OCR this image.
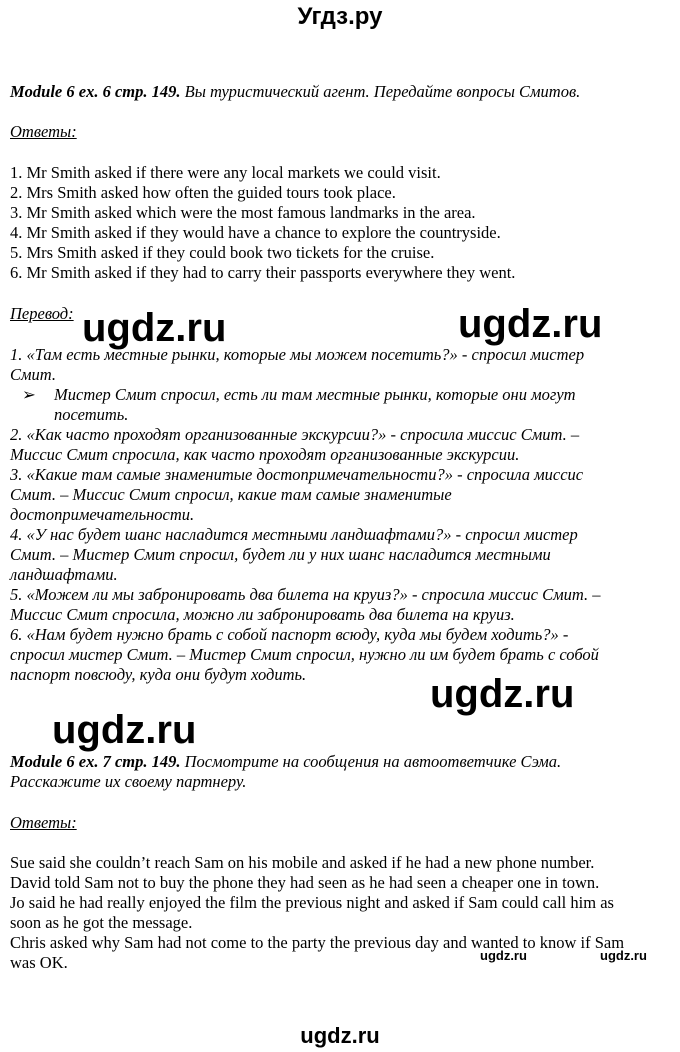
Угдз.ру
Module 6 ex. 6 стр. 149. Вы туристический агент. Передайте вопросы Смитов.
Ответы:
1. Mr Smith asked if there were any local markets we could visit.
2. Mrs Smith asked how often the guided tours took place.
3. Mr Smith asked which were the most famous landmarks in the area.
4. Mr Smith asked if they would have a chance to explore the countryside.
5. Mrs Smith asked if they could book two tickets for the cruise.
6. Mr Smith asked if they had to carry their passports everywhere they went.
Перевод:
1. «Там есть местные рынки, которые мы можем посетить?» - спросил мистер
Смит.
➢	Мистер Смит спросил, есть ли там местные рынки, которые они могут
посетить.
2. «Как часто проходят организованные экскурсии?» - спросила миссис Смит. –
Миссис Смит спросила, как часто проходят организованные экскурсии.
3. «Какие там самые знаменитые достопримечательности?» - спросила миссис
Смит. – Миссис Смит спросил, какие там самые знаменитые
достопримечательности.
4. «У нас будет шанс насладится местными ландшафтами?» - спросил мистер
Смит. – Мистер Смит спросил, будет ли у них шанс насладится местными
ландшафтами.
5. «Можем ли мы забронировать два билета на круиз?» - спросила миссис Смит. –
Миссис Смит спросила, можно ли забронировать два билета на круиз.
6. «Нам будет нужно брать с собой паспорт всюду, куда мы будем ходить?» -
спросил мистер Смит. – Мистер Смит спросил, нужно ли им будет брать с собой
паспорт повсюду, куда они будут ходить.
Module 6 ex. 7 стр. 149. Посмотрите на сообщения на автоответчике Сэма.
Расскажите их своему партнеру.
Ответы:
Sue said she couldn’t reach Sam on his mobile and asked if he had a new phone number.
David told Sam not to buy the phone they had seen as he had seen a cheaper one in town.
Jo said he had really enjoyed the film the previous night and asked if Sam could call him as
soon as he got the message.
Chris asked why Sam had not come to the party the previous day and wanted to know if Sam
was OK.
ugdz.ru	ugdz.ru
ugdz.ru
ugdz.ru
ugdz.ru	ugdz.ru
ugdz.ru
